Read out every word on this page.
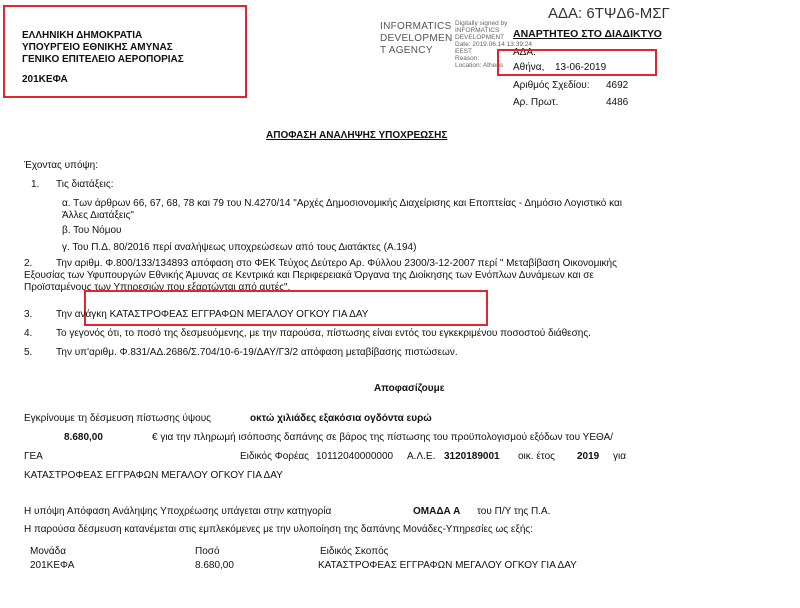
ΕΛΛΗΝΙΚΗ ΔΗΜΟΚΡΑΤΙΑ
ΥΠΟΥΡΓΕΙΟ ΕΘΝΙΚΗΣ ΑΜΥΝΑΣ
ΓΕΝΙΚΟ ΕΠΙΤΕΛΕΙΟ ΑΕΡΟΠΟΡΙΑΣ
201ΚΕΦΑ
INFORMATICS
DEVELOPMEN
T AGENCY
Digitally signed by
INFORMATICS
DEVELOPMENT
Date: 2019.06.14 13:39:24
EEST
Reason:
Location: Athens
ΑΔΑ: 6ΤΨΔ6-ΜΣΓ
ΑΝΑΡΤΗΤΕΟ ΣΤΟ ΔΙΑΔΙΚΤΥΟ
ΑΔΑ:
Αθήνα, 13-06-2019
Αριθμός Σχεδίου: 4692
Αρ. Πρωτ.	4486
ΑΠΟΦΑΣΗ ΑΝΑΛΗΨΗΣ ΥΠΟΧΡΕΩΣΗΣ
Έχοντας υπόψη:
1. Τις διατάξεις:
α. Των άρθρων 66, 67, 68, 78 και 79 του Ν.4270/14 "Αρχές Δημοσιονομικής Διαχείρισης και Εποπτείας - Δημόσιο Λογιστικό και
Άλλες Διατάξεις"
β. Του Νόμου
γ. Του Π.Δ. 80/2016 περί αναλήψεως υποχρεώσεων από τους Διατάκτες (Α.194)
2. Την αριθμ. Φ.800/133/134893 απόφαση στο ΦΕΚ Τεύχος Δεύτερο Αρ. Φύλλου 2300/3-12-2007 περί " Μεταβίβαση Οικονομικής
Εξουσίας των Υφυπουργών Εθνικής Άμυνας σε Κεντρικά και Περιφερειακά Όργανα της Διοίκησης των Ενόπλων Δυνάμεων και σε
Προϊσταμένους των Υπηρεσιών που εξαρτώνται από αυτές".
3. Την ανάγκη ΚΑΤΑΣΤΡΟΦΕΑΣ ΕΓΓΡΑΦΩΝ ΜΕΓΑΛΟΥ ΟΓΚΟΥ ΓΙΑ ΔΑΥ
4. Το γεγονός ότι, το ποσό της δεσμευόμενης, με την παρούσα, πίστωσης είναι εντός του εγκεκριμένου ποσοστού διάθεσης.
5. Την υπ'αριθμ. Φ.831/ΑΔ.2686/Σ.704/10-6-19/ΔΑΥ/Γ3/2 απόφαση μεταβίβασης πιστώσεων.
Αποφασίζουμε
Εγκρίνουμε τη δέσμευση πίστωσης ύψους	οκτώ χιλιάδες εξακόσια ογδόντα ευρώ
8.680,00	€ για την πληρωμή ισόποσης δαπάνης σε βάρος της πίστωσης του προϋπολογισμού εξόδων του ΥΕΘΑ/
ΓΕΑ	Ειδικός Φορέας 10112040000000 Α.Λ.Ε. 3120189001 οικ. έτος 2019 για
ΚΑΤΑΣΤΡΟΦΕΑΣ ΕΓΓΡΑΦΩΝ ΜΕΓΑΛΟΥ ΟΓΚΟΥ ΓΙΑ ΔΑΥ
Η υπόψη Απόφαση Ανάληψης Υποχρέωσης υπάγεται στην κατηγορία	ΟΜΑΔΑ Α του Π/Υ της Π.Α.
Η παρούσα δέσμευση κατανέμεται στις εμπλεκόμενες με την υλοποίηση της δαπάνης Μονάδες-Υπηρεσίες ως εξής:
Μονάδα	Ποσό	Ειδικός Σκοπός
201ΚΕΦΑ	8.680,00	ΚΑΤΑΣΤΡΟΦΕΑΣ ΕΓΓΡΑΦΩΝ ΜΕΓΑΛΟΥ ΟΓΚΟΥ ΓΙΑ ΔΑΥ
